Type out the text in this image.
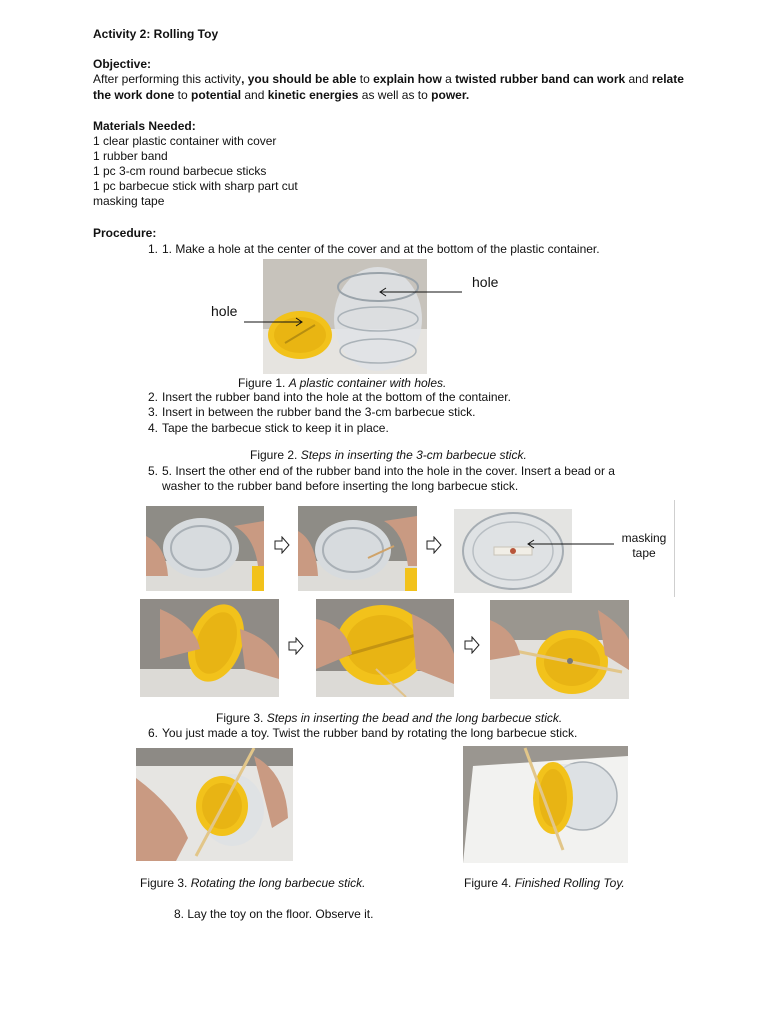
Activity 2: Rolling Toy
Objective:
After performing this activity, you should be able to explain how a twisted rubber band can work and relate
the work done to potential and kinetic energies as well as to power.
Materials Needed:
1 clear plastic container with cover
1 rubber band
1 pc 3-cm round barbecue sticks
1 pc barbecue stick with sharp part cut
masking tape
Procedure:
1. 1. Make a hole at the center of the cover and at the bottom of the plastic container.
hole
hole
Figure 1. A plastic container with holes.
2. Insert the rubber band into the hole at the bottom of the container.
3. Insert in between the rubber band the 3-cm barbecue stick.
4. Tape the barbecue stick to keep it in place.
Figure 2. Steps in inserting the 3-cm barbecue stick.
5. 5. Insert the other end of the rubber band into the hole in the cover. Insert a bead or a
washer to the rubber band before inserting the long barbecue stick.
masking
tape
Figure 3. Steps in inserting the bead and the long barbecue stick.
6. You just made a toy. Twist the rubber band by rotating the long barbecue stick.
Figure 3. Rotating the long barbecue stick.	Figure 4. Finished Rolling Toy.
8. Lay the toy on the floor. Observe it.
